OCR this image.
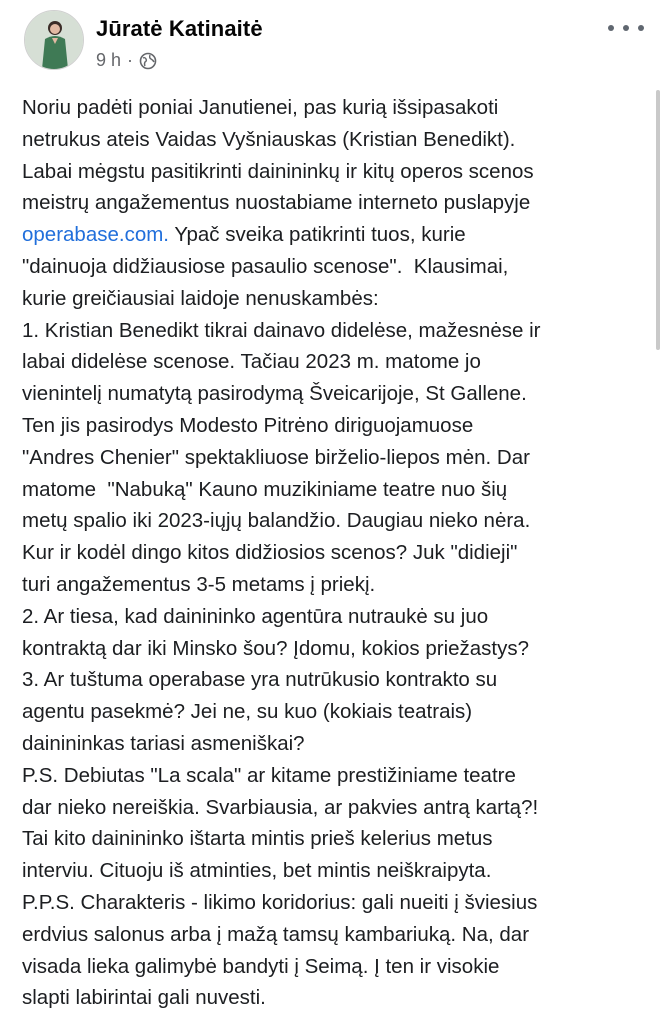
Jūratė Katinaitė
9 h ·
Noriu padėti poniai Janutienei, pas kurią išsipasakoti
netrukus ateis Vaidas Vyšniauskas (Kristian Benedikt).
Labai mėgstu pasitikrinti dainininkų ir kitų operos scenos
meistrų angažementus nuostabiame interneto puslapyje
operabase.com. Ypač sveika patikrinti tuos, kurie
"dainuoja didžiausiose pasaulio scenose".  Klausimai,
kurie greičiausiai laidoje nenuskambės:
1. Kristian Benedikt tikrai dainavo didelėse, mažesnėse ir
labai didelėse scenose. Tačiau 2023 m. matome jo
vienintelį numatytą pasirodymą Šveicarijoje, St Gallene.
Ten jis pasirodys Modesto Pitrėno diriguojamuose
"Andres Chenier" spektakliuose birželio-liepos mėn. Dar
matome  "Nabuką" Kauno muzikiniame teatre nuo šių
metų spalio iki 2023-iųjų balandžio. Daugiau nieko nėra.
Kur ir kodėl dingo kitos didžiosios scenos? Juk "didieji"
turi angažementus 3-5 metams į priekį.
2. Ar tiesa, kad dainininko agentūra nutraukė su juo
kontraktą dar iki Minsko šou? Įdomu, kokios priežastys?
3. Ar tuštuma operabase yra nutrūkusio kontrakto su
agentu pasekmė? Jei ne, su kuo (kokiais teatrais)
dainininkas tariasi asmeniškai?
P.S. Debiutas "La scala" ar kitame prestižiniame teatre
dar nieko nereiškia. Svarbiausia, ar pakvies antrą kartą?!
Tai kito dainininko ištarta mintis prieš kelerius metus
interviu. Cituoju iš atminties, bet mintis neiškraipyta.
P.P.S. Charakteris - likimo koridorius: gali nueiti į šviesius
erdvius salonus arba į mažą tamsų kambariuką. Na, dar
visada lieka galimybė bandyti į Seimą. Į ten ir visokie
slapti labirintai gali nuvesti.
